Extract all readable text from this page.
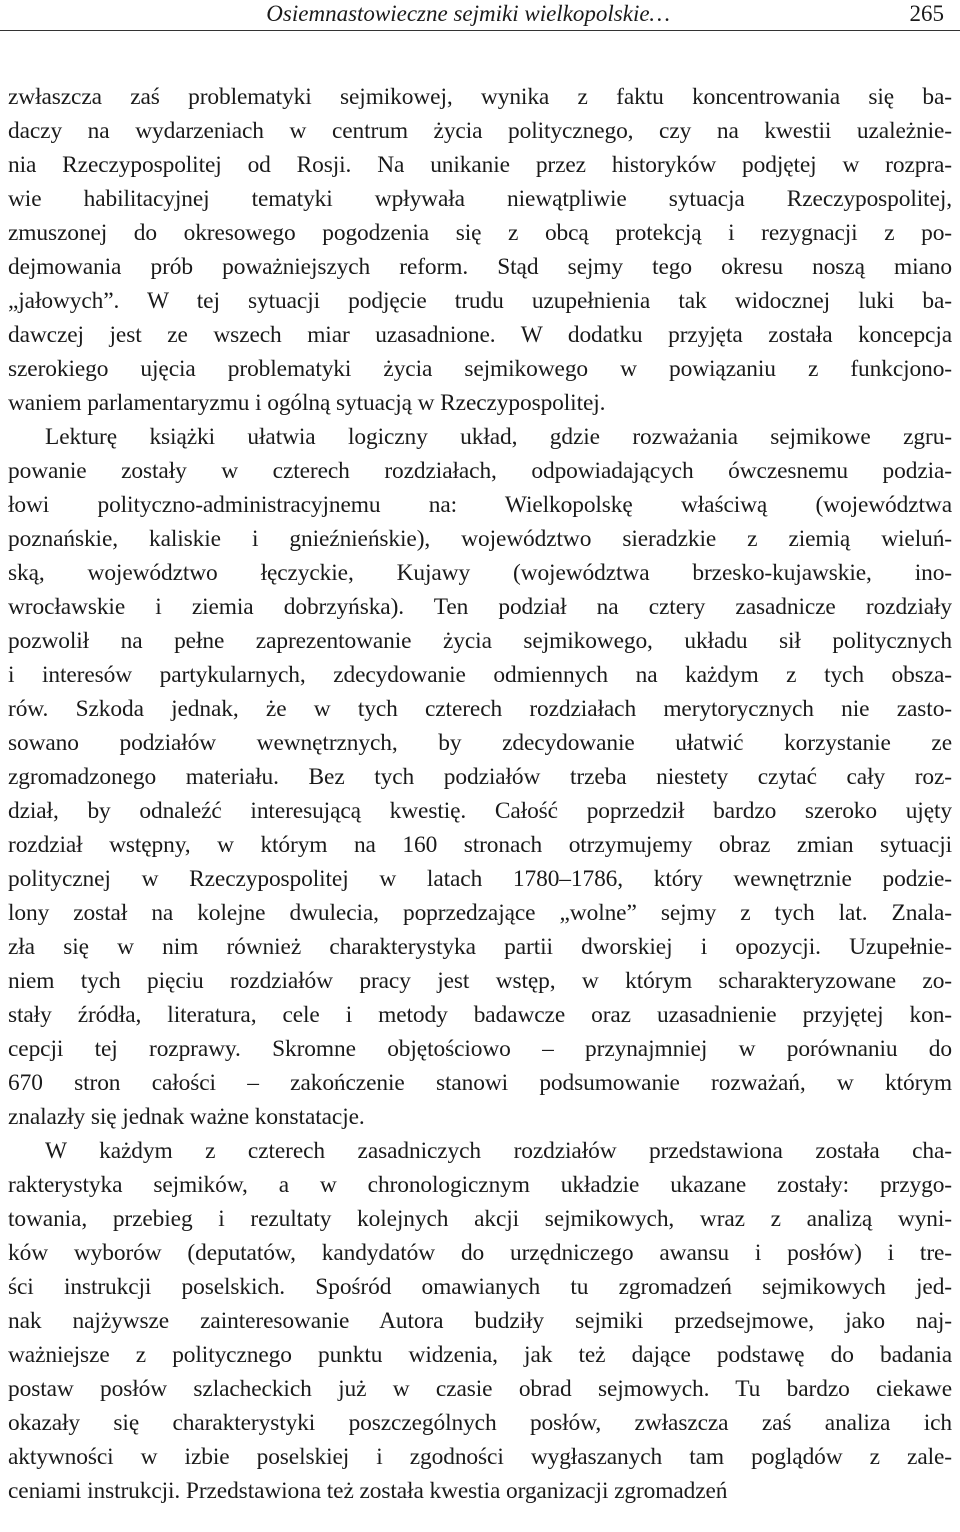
Osiemnastowieczne sejmiki wielkopolskie…	265
zwłaszcza zaś problematyki sejmikowej, wynika z faktu koncentrowania się ba-
daczy na wydarzeniach w centrum życia politycznego, czy na kwestii uzależnie-
nia Rzeczypospolitej od Rosji. Na unikanie przez historyków podjętej w rozpra-
wie habilitacyjnej tematyki wpływała niewątpliwie sytuacja Rzeczypospolitej,
zmuszonej do okresowego pogodzenia się z obcą protekcją i rezygnacji z po-
dejmowania prób poważniejszych reform. Stąd sejmy tego okresu noszą miano
„jałowych”. W tej sytuacji podjęcie trudu uzupełnienia tak widocznej luki ba-
dawczej jest ze wszech miar uzasadnione. W dodatku przyjęta została koncepcja
szerokiego ujęcia problematyki życia sejmikowego w powiązaniu z funkcjono-
waniem parlamentaryzmu i ogólną sytuacją w Rzeczypospolitej.
Lekturę książki ułatwia logiczny układ, gdzie rozważania sejmikowe zgru-
powanie zostały w czterech rozdziałach, odpowiadających ówczesnemu podzia-
łowi polityczno-administracyjnemu na: Wielkopolskę właściwą (województwa
poznańskie, kaliskie i gnieźnieńskie), województwo sieradzkie z ziemią wieluń-
ską, województwo łęczyckie, Kujawy (województwa brzesko-kujawskie, ino-
wrocławskie i ziemia dobrzyńska). Ten podział na cztery zasadnicze rozdziały
pozwolił na pełne zaprezentowanie życia sejmikowego, układu sił politycznych
i interesów partykularnych, zdecydowanie odmiennych na każdym z tych obsza-
rów. Szkoda jednak, że w tych czterech rozdziałach merytorycznych nie zasto-
sowano podziałów wewnętrznych, by zdecydowanie ułatwić korzystanie ze
zgromadzonego materiału. Bez tych podziałów trzeba niestety czytać cały roz-
dział, by odnaleźć interesującą kwestię. Całość poprzedził bardzo szeroko ujęty
rozdział wstępny, w którym na 160 stronach otrzymujemy obraz zmian sytuacji
politycznej w Rzeczypospolitej w latach 1780–1786, który wewnętrznie podzie-
lony został na kolejne dwulecia, poprzedzające „wolne” sejmy z tych lat. Znala-
zła się w nim również charakterystyka partii dworskiej i opozycji. Uzupełnie-
niem tych pięciu rozdziałów pracy jest wstęp, w którym scharakteryzowane zo-
stały źródła, literatura, cele i metody badawcze oraz uzasadnienie przyjętej kon-
cepcji tej rozprawy. Skromne objętościowo – przynajmniej w porównaniu do
670 stron całości – zakończenie stanowi podsumowanie rozważań, w którym
znalazły się jednak ważne konstatacje.
W każdym z czterech zasadniczych rozdziałów przedstawiona została cha-
rakterystyka sejmików, a w chronologicznym układzie ukazane zostały: przygo-
towania, przebieg i rezultaty kolejnych akcji sejmikowych, wraz z analizą wyni-
ków wyborów (deputatów, kandydatów do urzędniczego awansu i posłów) i tre-
ści instrukcji poselskich. Spośród omawianych tu zgromadzeń sejmikowych jed-
nak najżywsze zainteresowanie Autora budziły sejmiki przedsejmowe, jako naj-
ważniejsze z politycznego punktu widzenia, jak też dające podstawę do badania
postaw posłów szlacheckich już w czasie obrad sejmowych. Tu bardzo ciekawe
okazały się charakterystyki poszczególnych posłów, zwłaszcza zaś analiza ich
aktywności w izbie poselskiej i zgodności wygłaszanych tam poglądów z zale-
ceniami instrukcji. Przedstawiona też została kwestia organizacji zgromadzeń
